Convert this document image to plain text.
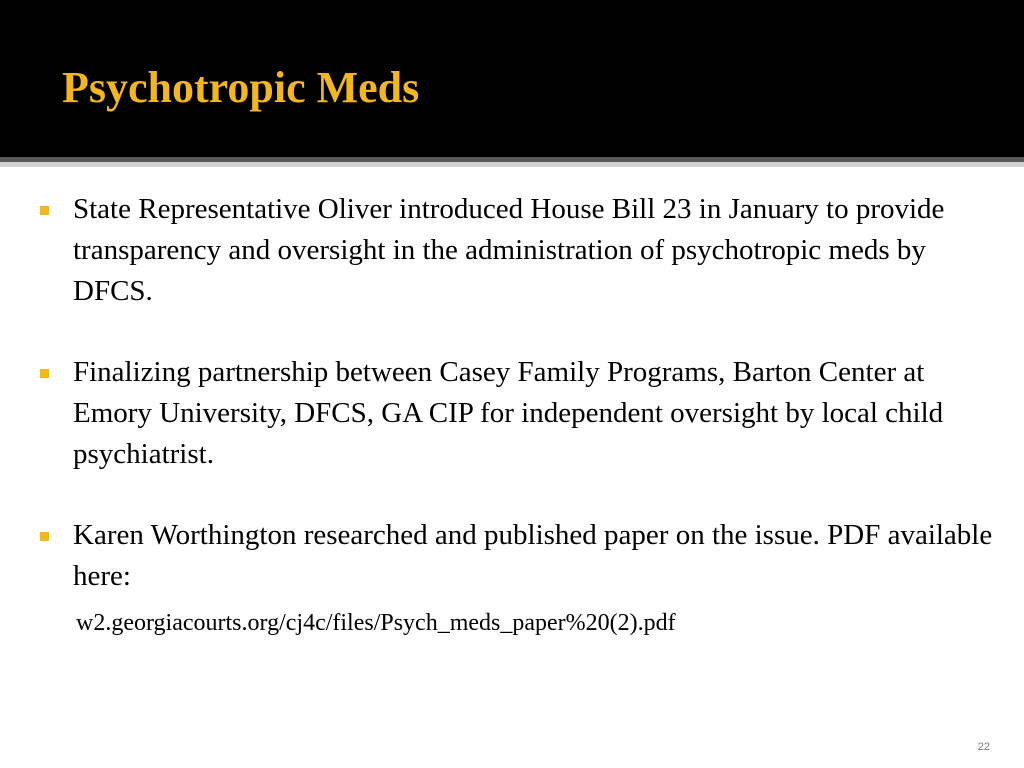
Psychotropic Meds
State Representative Oliver introduced House Bill 23 in January to provide transparency and oversight in the administration of psychotropic meds by DFCS.
Finalizing partnership between Casey Family Programs, Barton Center at Emory University, DFCS, GA CIP for independent oversight by local child psychiatrist.
Karen Worthington researched and published paper on the issue. PDF available here:
w2.georgiacourts.org/cj4c/files/Psych_meds_paper%20(2).pdf
22
